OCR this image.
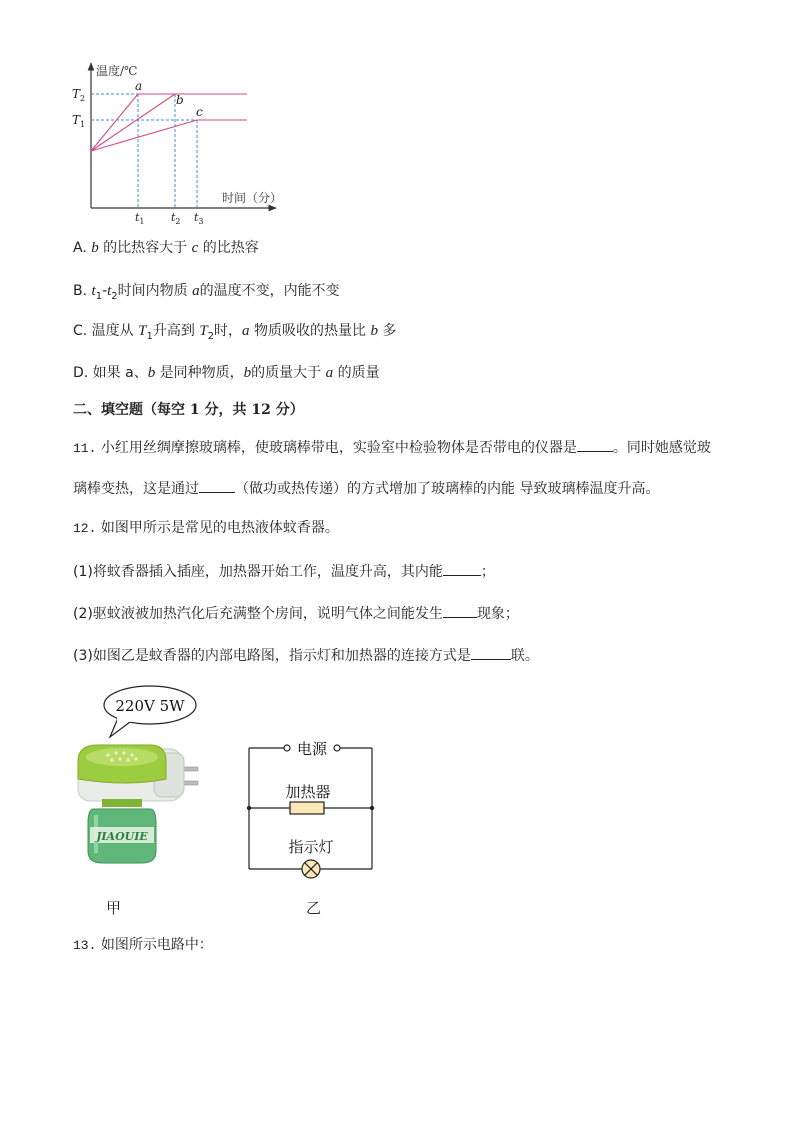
温度/℃
时间（分）
a
b
c
$T_2$
$T_1$
$t_1$ $t_2$ $t_3$
A. b 的比热容大于 c 的比热容
B. $t_1-t_2$时间内物质 a的温度不变，内能不变
C. 温度从 $T_1$升高到 $T_2$时，a 物质吸收的热量比 b 多
D. 如果 a、b 是同种物质，b的质量大于 a 的质量
二、填空题（每空 1 分，共 12 分）
11. 小红用丝绸摩擦玻璃棒，使玻璃棒带电，实验室中检验物体是否带电的仪器是	。同时她感觉玻
璃棒变热，这是通过	（做功或热传递）的方式增加了玻璃棒的内能 导致玻璃棒温度升高。
12. 如图甲所示是常见的电热液体蚊香器。
(1)将蚊香器插入插座，加热器开始工作，温度升高，其内能	；
(2)驱蚊液被加热汽化后充满整个房间，说明气体之间能发生 现象；
(3)如图乙是蚊香器的内部电路图，指示灯和加热器的连接方式是	联。
220V 5W
JIAOUIE
甲
电源
加热器
指示灯
乙
13. 如图所示电路中：
